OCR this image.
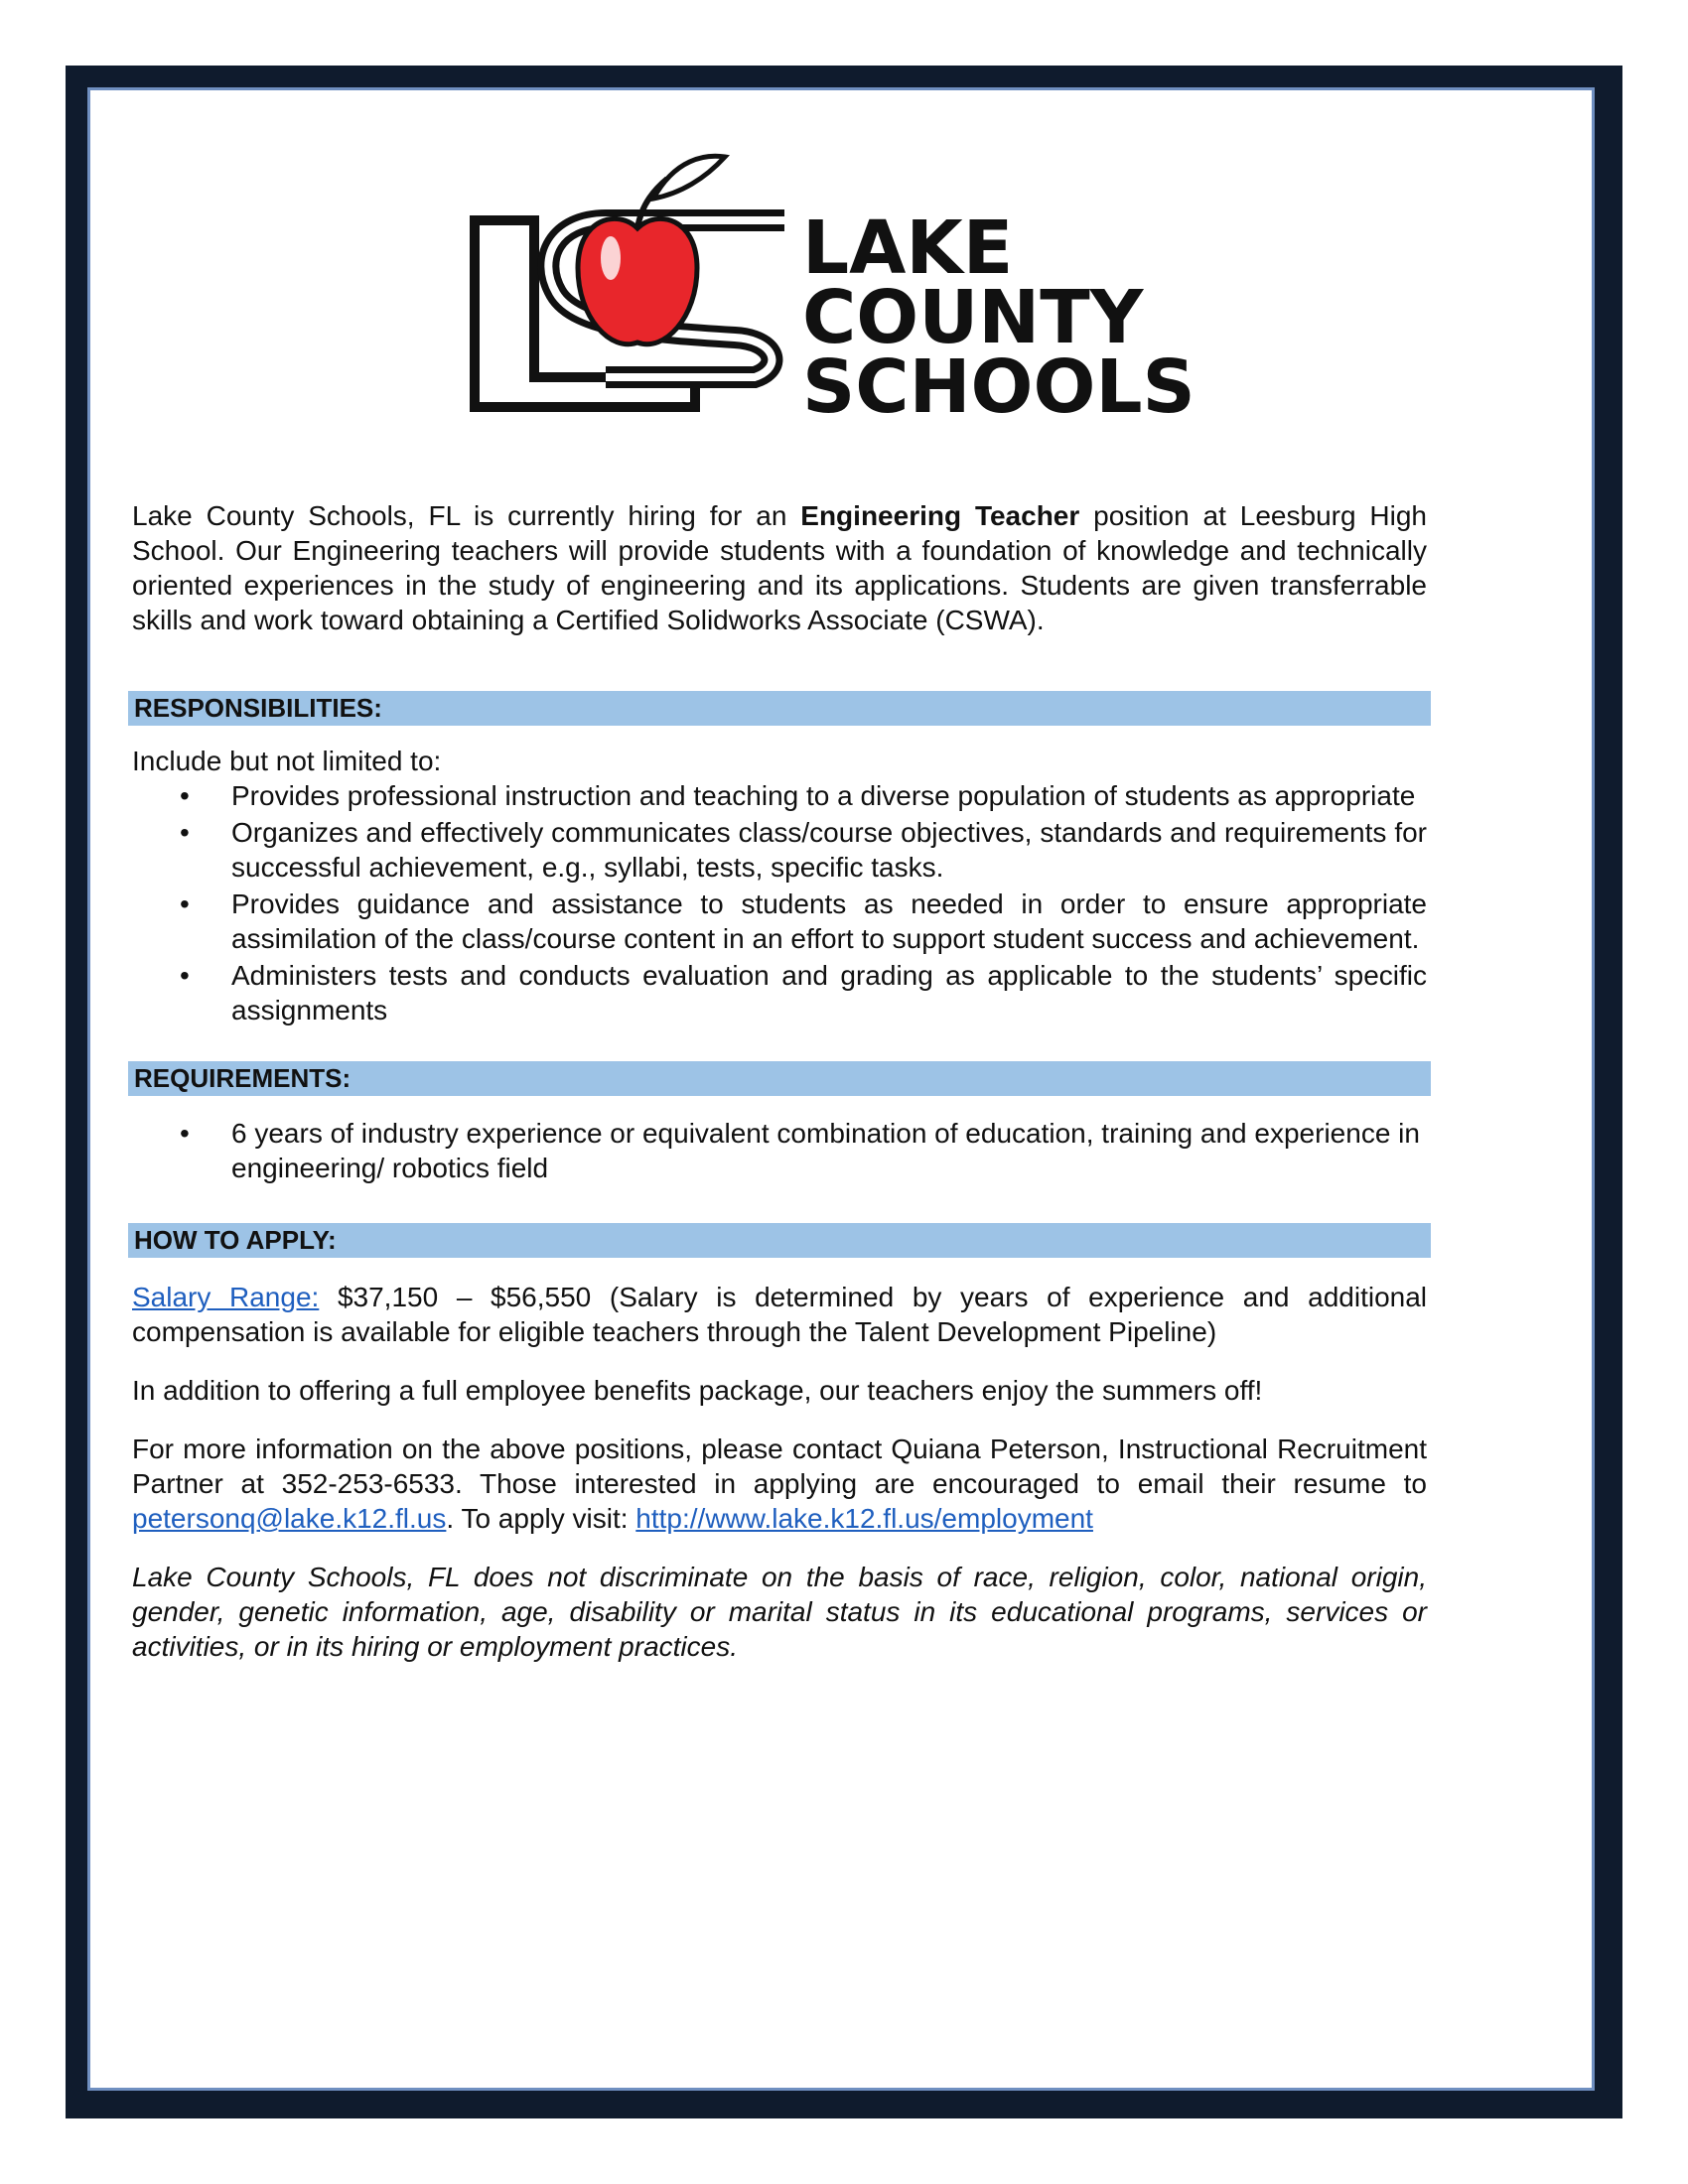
LAKE
COUNTY
SCHOOLS

Lake County Schools, FL is currently hiring for an Engineering Teacher position at Leesburg High School. Our Engineering teachers will provide students with a foundation of knowledge and technically oriented experiences in the study of engineering and its applications. Students are given transferrable skills and work toward obtaining a Certified Solidworks Associate (CSWA).

RESPONSIBILITIES:

Include but not limited to:

• Provides professional instruction and teaching to a diverse population of students as appropriate
• Organizes and effectively communicates class/course objectives, standards and requirements for successful achievement, e.g., syllabi, tests, specific tasks.
• Provides guidance and assistance to students as needed in order to ensure appropriate assimilation of the class/course content in an effort to support student success and achievement.
• Administers tests and conducts evaluation and grading as applicable to the students’ specific assignments
REQUIREMENTS:
• 6 years of industry experience or equivalent combination of education, training and experience in engineering/ robotics field
HOW TO APPLY:

Salary Range: $37,150 – $56,550 (Salary is determined by years of experience and additional compensation is available for eligible teachers through the Talent Development Pipeline)

In addition to offering a full employee benefits package, our teachers enjoy the summers off!

For more information on the above positions, please contact Quiana Peterson, Instructional Recruitment Partner at 352-253-6533. Those interested in applying are encouraged to email their resume to petersonq@lake.k12.fl.us. To apply visit: http://www.lake.k12.fl.us/employment

Lake County Schools, FL does not discriminate on the basis of race, religion, color, national origin, gender, genetic information, age, disability or marital status in its educational programs, services or activities, or in its hiring or employment practices.
